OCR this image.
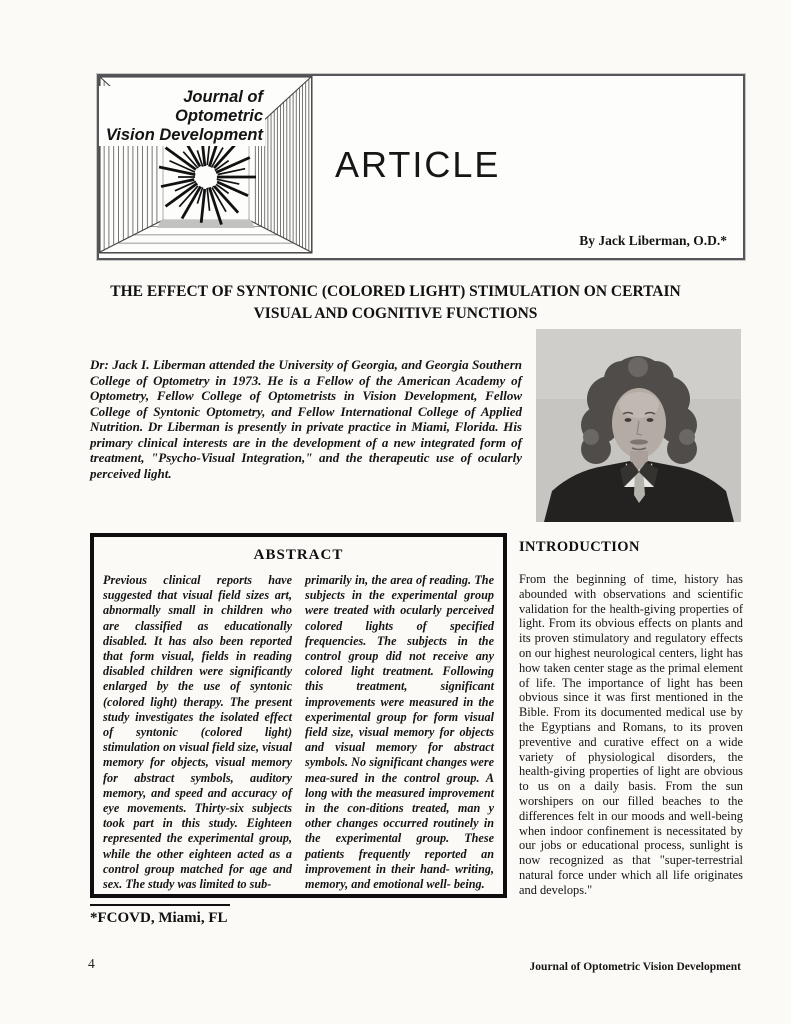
Journal of
Optometric
Vision Development
ARTICLE
By Jack Liberman, O.D.*
THE EFFECT OF SYNTONIC (COLORED LIGHT) STIMULATION ON CERTAIN
VISUAL AND COGNITIVE FUNCTIONS
Dr: Jack I. Liberman attended the University of Georgia, and Georgia Southern College of Optometry in 1973. He is a Fellow of the American Academy of Optometry, Fellow College of Optometrists in Vision Development, Fellow College of Syntonic Optometry, and Fellow International College of Applied Nutrition. Dr Liberman is presently in private practice in Miami, Florida. His primary clinical interests are in the development of a new integrated form of treatment, "Psycho-Visual Integration," and the therapeutic use of ocularly perceived light.
ABSTRACT
Previous clinical reports have suggested that visual field sizes art, abnormally small in children who are classified as educationally disabled. It has also been reported that form visual, fields in reading disabled children were significantly enlarged by the use of syntonic (colored light) therapy. The present study investigates the isolated effect of syntonic (colored light) stimulation on visual field size, visual memory for objects, visual memory for abstract symbols, auditory memory, and speed and accuracy of eye movements. Thirty-six subjects took part in this study. Eighteen represented the experimental group, while the other eighteen acted as a control group matched for age and sex. The study was limited to sub-
primarily in, the area of reading. The subjects in the experimental group were treated with ocularly perceived colored lights of specified frequencies. The subjects in the control group did not receive any colored light treatment. Following this treatment, significant improvements were measured in the experimental group for form visual field size, visual memory for objects and visual memory for abstract symbols. No significant changes were mea-sured in the control group. A long with the measured improvement in the con-ditions treated, man y other changes occurred routinely in the experimental group. These patients frequently reported an improvement in their hand- writing, memory, and emotional well- being.
INTRODUCTION
From the beginning of time, history has abounded with observations and scientific validation for the health-giving properties of light. From its obvious effects on plants and its proven stimulatory and regulatory effects on our highest neurological centers, light has how taken center stage as the primal element of life. The importance of light has been obvious since it was first mentioned in the Bible. From its documented medical use by the Egyptians and Romans, to its proven preventive and curative effect on a wide variety of physiological disorders, the health-giving properties of light are obvious to us on a daily basis. From the sun worshipers on our filled beaches to the differences felt in our moods and well-being when indoor confinement is necessitated by our jobs or educational process, sunlight is now recognized as that "super-terrestrial natural force under which all life originates and develops."
*FCOVD, Miami, FL
4	Journal of Optometric Vision Development
